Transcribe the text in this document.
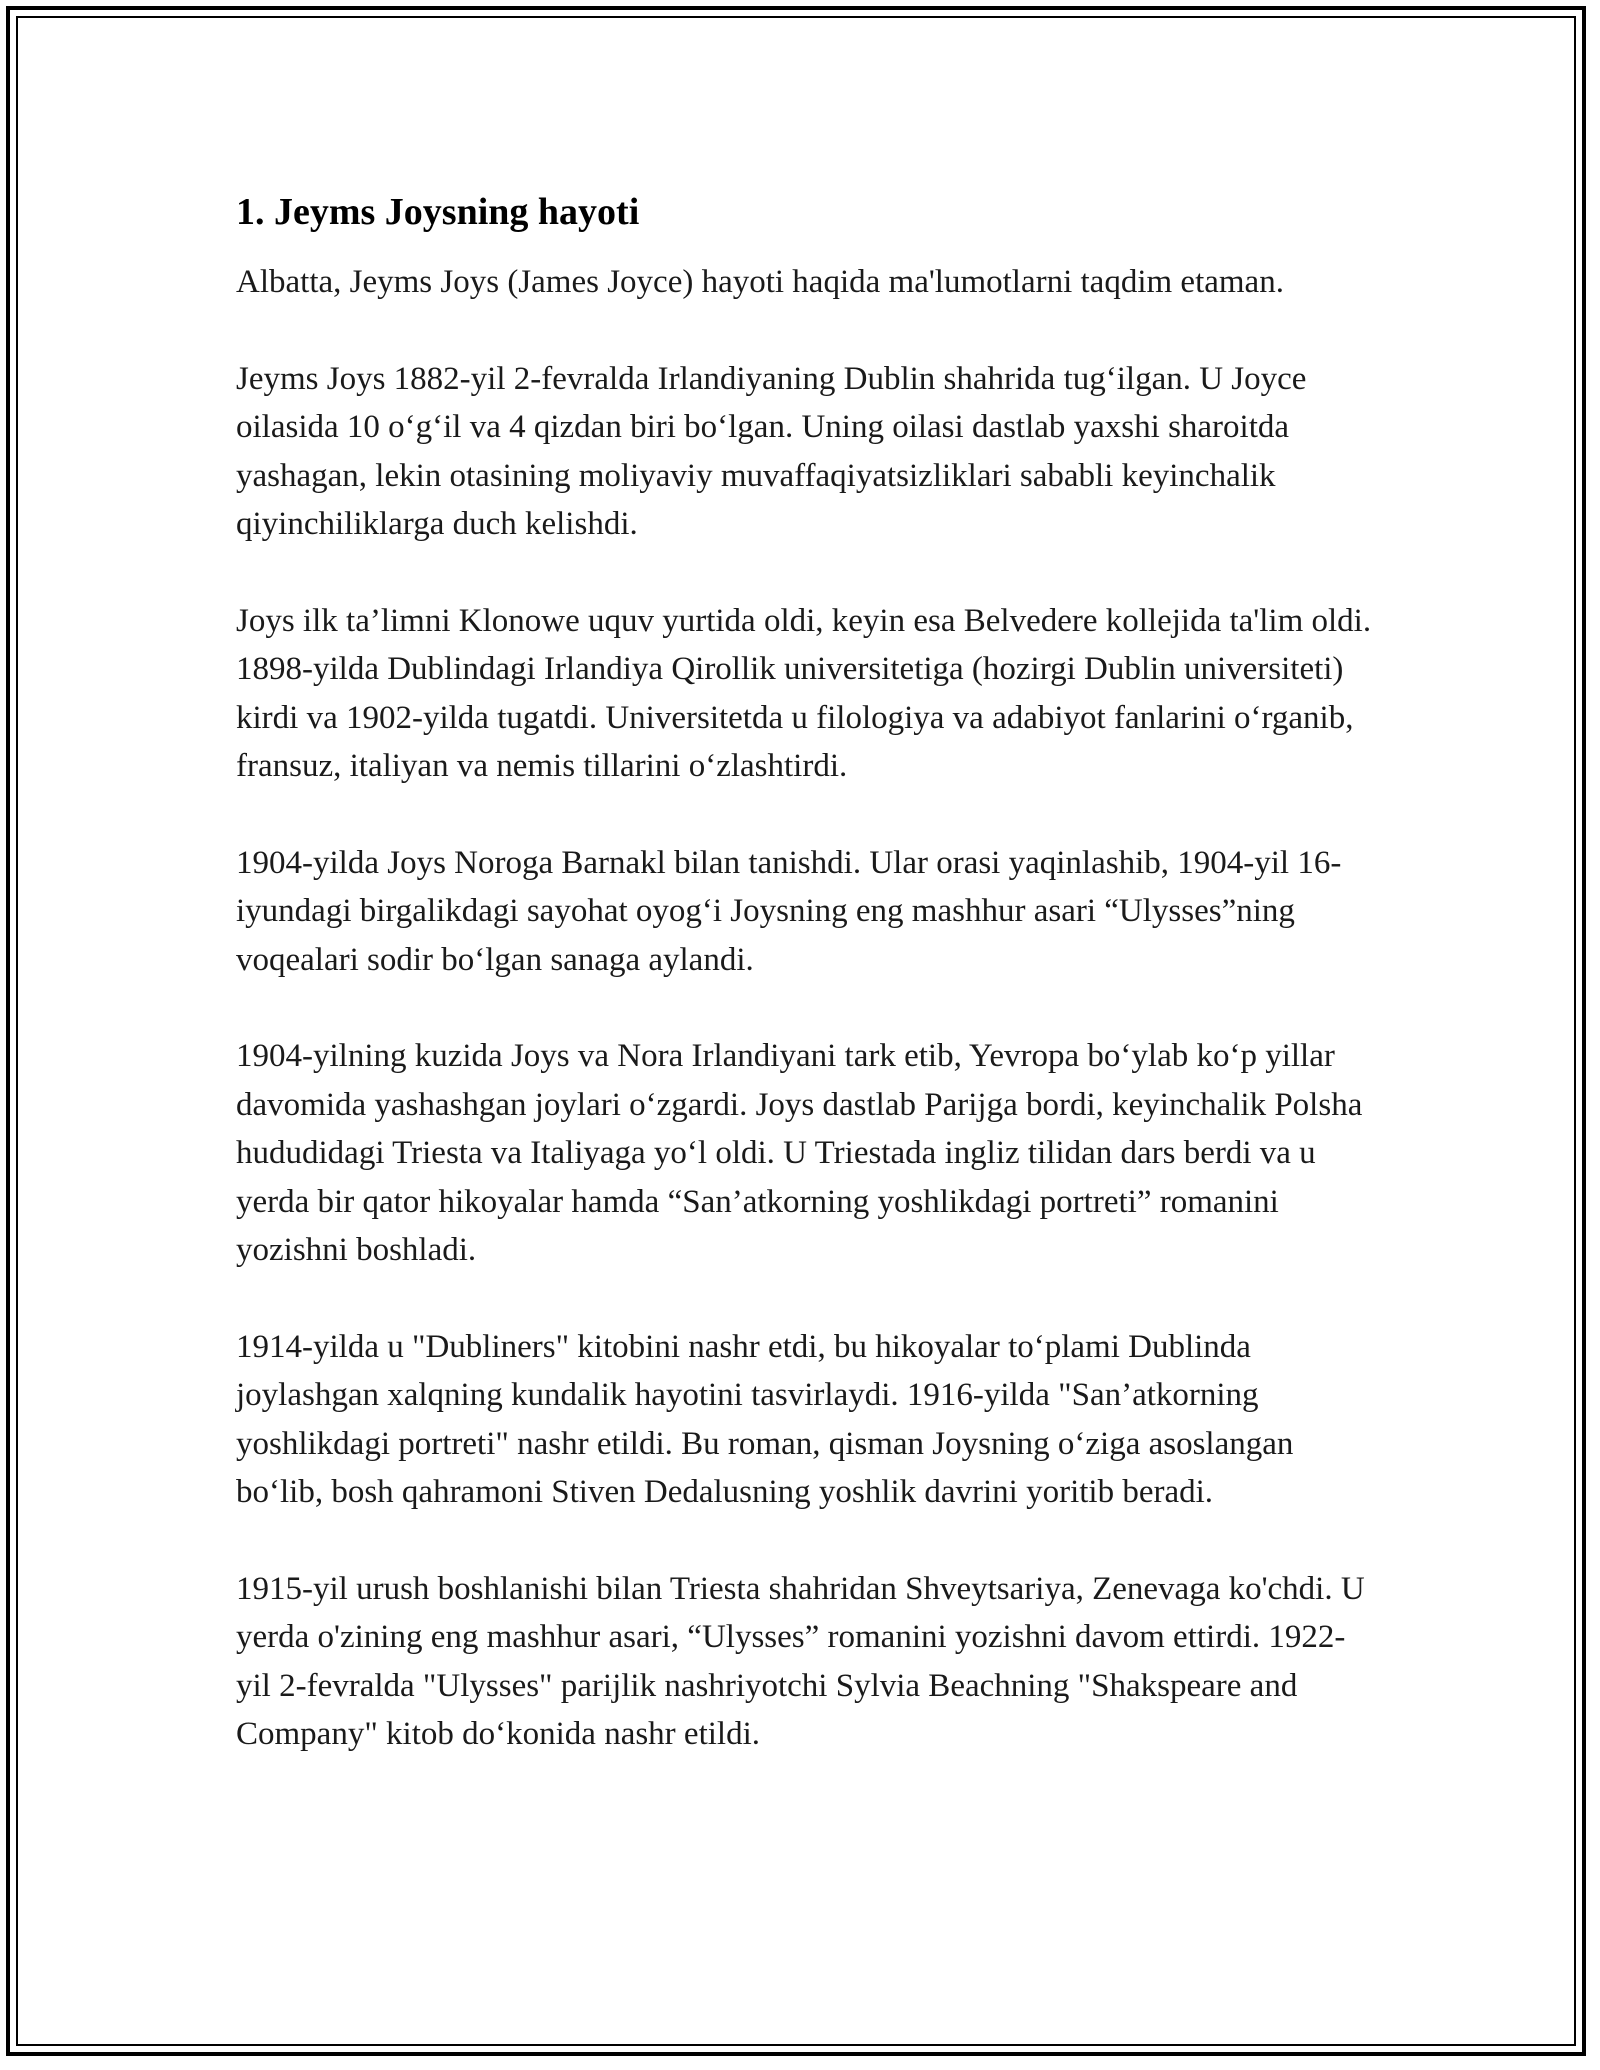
1. Jeyms Joysning hayoti

Albatta, Jeyms Joys (James Joyce) hayoti haqida ma'lumotlarni taqdim etaman.

Jeyms Joys 1882-yil 2-fevralda Irlandiyaning Dublin shahrida tug‘ilgan. U Joyce oilasida 10 o‘g‘il va 4 qizdan biri bo‘lgan. Uning oilasi dastlab yaxshi sharoitda yashagan, lekin otasining moliyaviy muvaffaqiyatsizliklari sababli keyinchalik qiyinchiliklarga duch kelishdi.

Joys ilk ta’limni Klonowe uquv yurtida oldi, keyin esa Belvedere kollejida ta'lim oldi. 1898-yilda Dublindagi Irlandiya Qirollik universitetiga (hozirgi Dublin universiteti) kirdi va 1902-yilda tugatdi. Universitetda u filologiya va adabiyot fanlarini o‘rganib, fransuz, italiyan va nemis tillarini o‘zlashtirdi.

1904-yilda Joys Noroga Barnakl bilan tanishdi. Ular orasi yaqinlashib, 1904-yil 16-iyundagi birgalikdagi sayohat oyog‘i Joysning eng mashhur asari “Ulysses”ning voqealari sodir bo‘lgan sanaga aylandi.

1904-yilning kuzida Joys va Nora Irlandiyani tark etib, Yevropa bo‘ylab ko‘p yillar davomida yashashgan joylari o‘zgardi. Joys dastlab Parijga bordi, keyinchalik Polsha hududidagi Triesta va Italiyaga yo‘l oldi. U Triestada ingliz tilidan dars berdi va u yerda bir qator hikoyalar hamda “San’atkorning yoshlikdagi portreti” romanini yozishni boshladi.

1914-yilda u "Dubliners" kitobini nashr etdi, bu hikoyalar to‘plami Dublinda joylashgan xalqning kundalik hayotini tasvirlaydi. 1916-yilda "San’atkorning yoshlikdagi portreti" nashr etildi. Bu roman, qisman Joysning o‘ziga asoslangan bo‘lib, bosh qahramoni Stiven Dedalusning yoshlik davrini yoritib beradi.

1915-yil urush boshlanishi bilan Triesta shahridan Shveytsariya, Zenevaga ko'chdi. U yerda o'zining eng mashhur asari, “Ulysses” romanini yozishni davom ettirdi. 1922-yil 2-fevralda "Ulysses" parijlik nashriyotchi Sylvia Beachning "Shakspeare and Company" kitob do‘konida nashr etildi.
